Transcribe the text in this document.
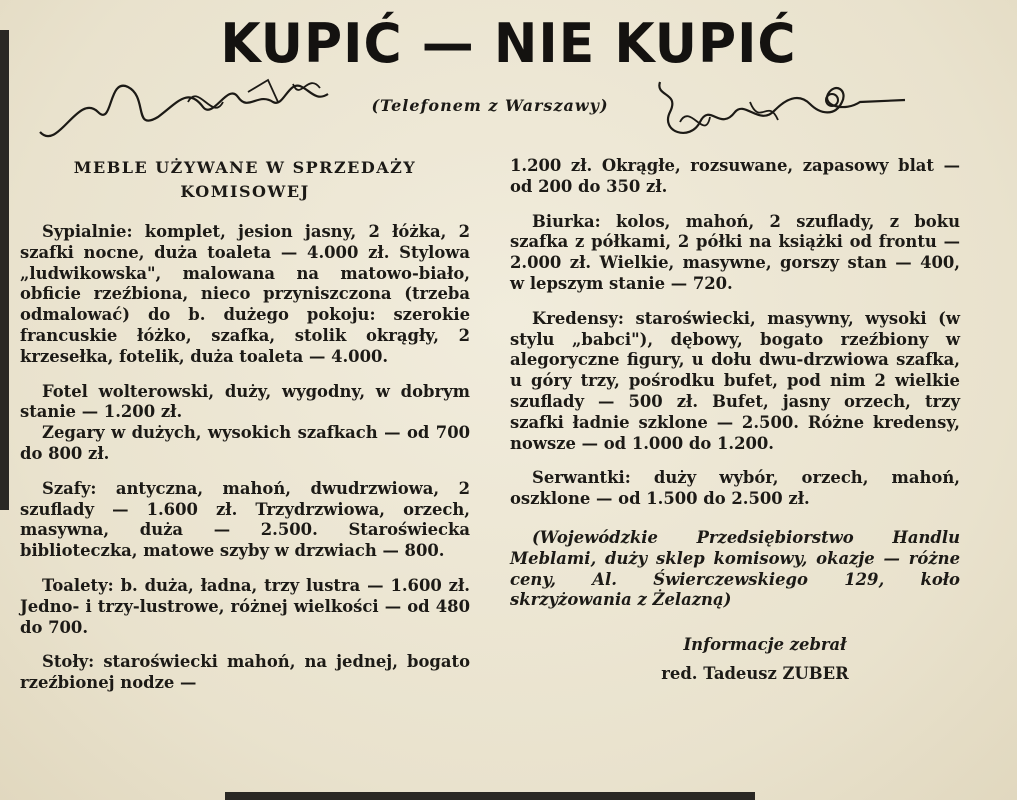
KUPIĆ — NIE KUPIĆ
(Telefonem z Warszawy)
MEBLE UŻYWANE W SPRZEDAŻY KOMISOWEJ

Sypialnie: komplet, jesion jasny, 2 łóżka, 2 szafki nocne, duża toaleta — 4.000 zł. Stylowa „ludwikowska", malowana na matowo-biało, obficie rzeźbiona, nieco przyniszczona (trzeba odmalować) do b. dużego pokoju: szerokie francuskie łóżko, szafka, stolik okrągły, 2 krzesełka, fotelik, duża toaleta — 4.000.

Fotel wolterowski, duży, wygodny, w dobrym stanie — 1.200 zł.

Zegary w dużych, wysokich szafkach — od 700 do 800 zł.

Szafy: antyczna, mahoń, dwudrzwiowa, 2 szuflady — 1.600 zł. Trzydrzwiowa, orzech, masywna, duża — 2.500. Staroświecka biblioteczka, matowe szyby w drzwiach — 800.

Toalety: b. duża, ładna, trzy lustra — 1.600 zł. Jedno- i trzy-lustrowe, różnej wielkości — od 480 do 700.

Stoły: staroświecki mahoń, na jednej, bogato rzeźbionej nodze —

1.200 zł. Okrągłe, rozsuwane, zapasowy blat — od 200 do 350 zł.

Biurka: kolos, mahoń, 2 szuflady, z boku szafka z półkami, 2 półki na książki od frontu — 2.000 zł. Wielkie, masywne, gorszy stan — 400, w lepszym stanie — 720.

Kredensy: staroświecki, masywny, wysoki (w stylu „babci"), dębowy, bogato rzeźbiony w alegoryczne figury, u dołu dwu-drzwiowa szafka, u góry trzy, pośrodku bufet, pod nim 2 wielkie szuflady — 500 zł. Bufet, jasny orzech, trzy szafki ładnie szklone — 2.500. Różne kredensy, nowsze — od 1.000 do 1.200.

Serwantki: duży wybór, orzech, mahoń, oszklone — od 1.500 do 2.500 zł.

(Wojewódzkie Przedsiębiorstwo Handlu Meblami, duży sklep komisowy, okazje — różne ceny, Al. Świerczewskiego 129, koło skrzyżowania z Żelazną)

Informacje zebrał
red. Tadeusz ZUBER
